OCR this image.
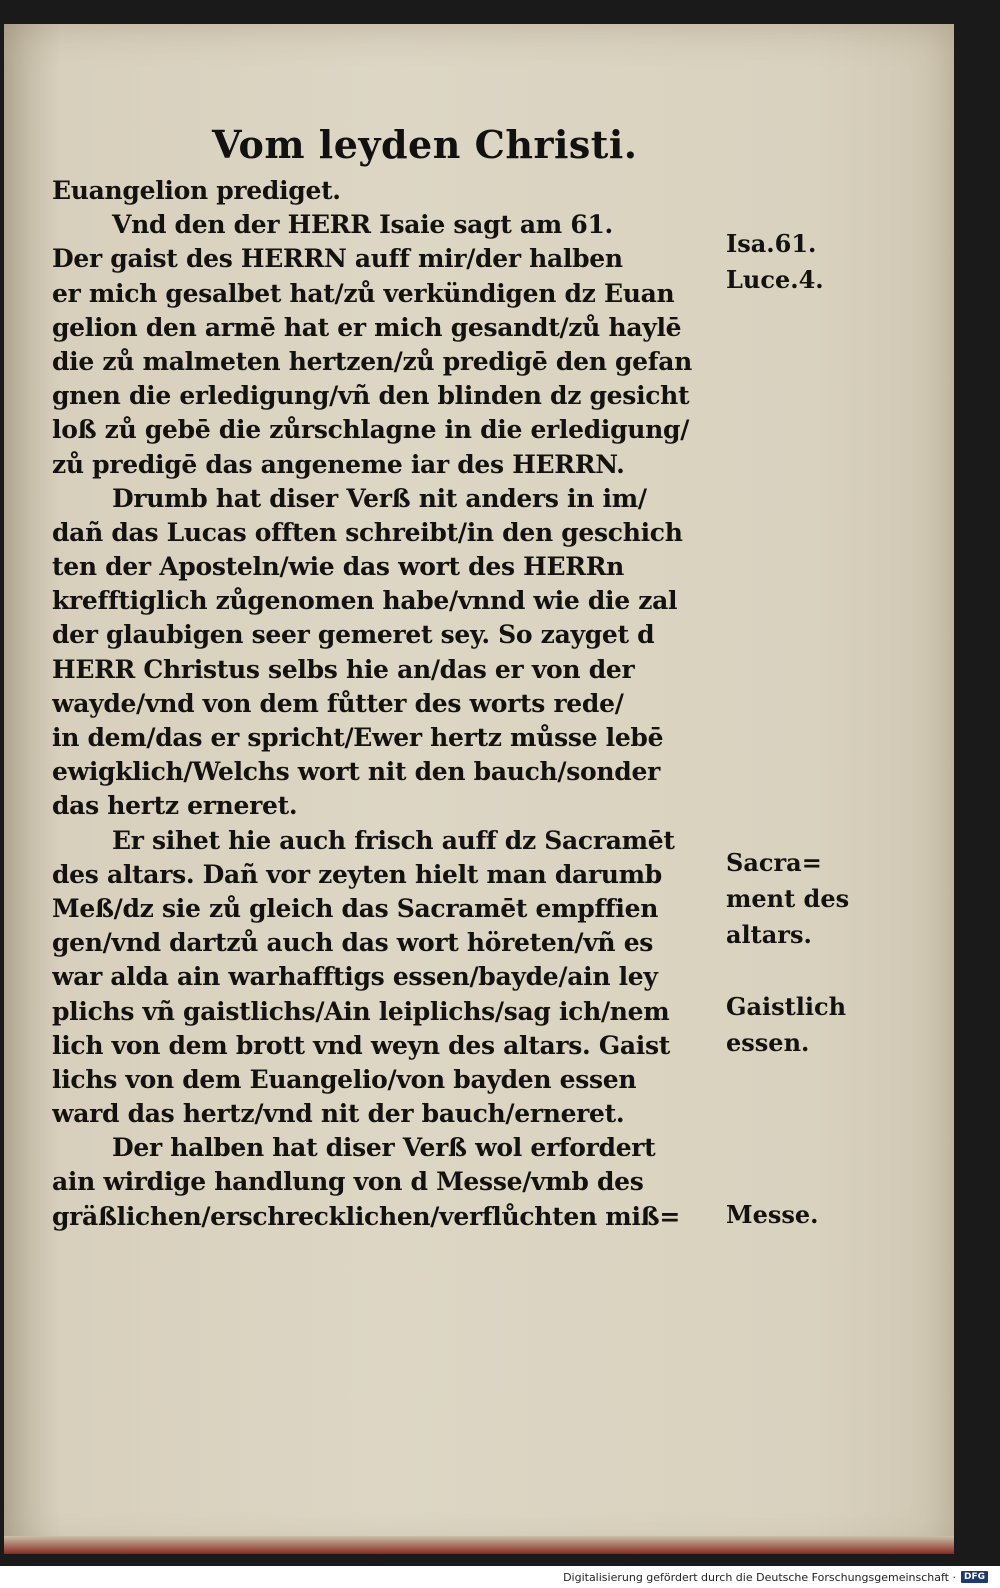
Vom leyden Christi.
Euangelion prediget.
Vnd den der HERR Isaie sagt am 61.
Der gaist des HERRN auff mir/der halben
er mich gesalbet hat/zů verkündigen dz Euan
gelion den armē hat er mich gesandt/zů haylē
die zů malmeten hertzen/zů predigē den gefan
gnen die erledigung/vñ den blinden dz gesicht
loß zů gebē die zůrschlagne in die erledigung/
zů predigē das angeneme iar des HERRN.
Drumb hat diser Verß nit anders in im/
dañ das Lucas offten schreibt/in den geschich
ten der Aposteln/wie das wort des HERRn
krefftiglich zůgenomen habe/vnnd wie die zal
der glaubigen seer gemeret sey. So zayget d
HERR Christus selbs hie an/das er von der
wayde/vnd von dem fůtter des worts rede/
in dem/das er spricht/Ewer hertz můsse lebē
ewigklich/Welchs wort nit den bauch/sonder
das hertz erneret.
Er sihet hie auch frisch auff dz Sacramēt
des altars. Dañ vor zeyten hielt man darumb
Meß/dz sie zů gleich das Sacramēt empffien
gen/vnd dartzů auch das wort höreten/vñ es
war alda ain warhafftigs essen/bayde/ain ley
plichs vñ gaistlichs/Ain leiplichs/sag ich/nem
lich von dem brott vnd weyn des altars. Gaist
lichs von dem Euangelio/von bayden essen
ward das hertz/vnd nit der bauch/erneret.
Der halben hat diser Verß wol erfordert
ain wirdige handlung von d Messe/vmb des
gräßlichen/erschrecklichen/verflůchten miß=
Isa.61.
Luce.4.
Sacra=
ment des
altars.
Gaistlich
essen.
Messe.
Digitalisierung gefördert durch die Deutsche Forschungsgemeinschaft · DFG
